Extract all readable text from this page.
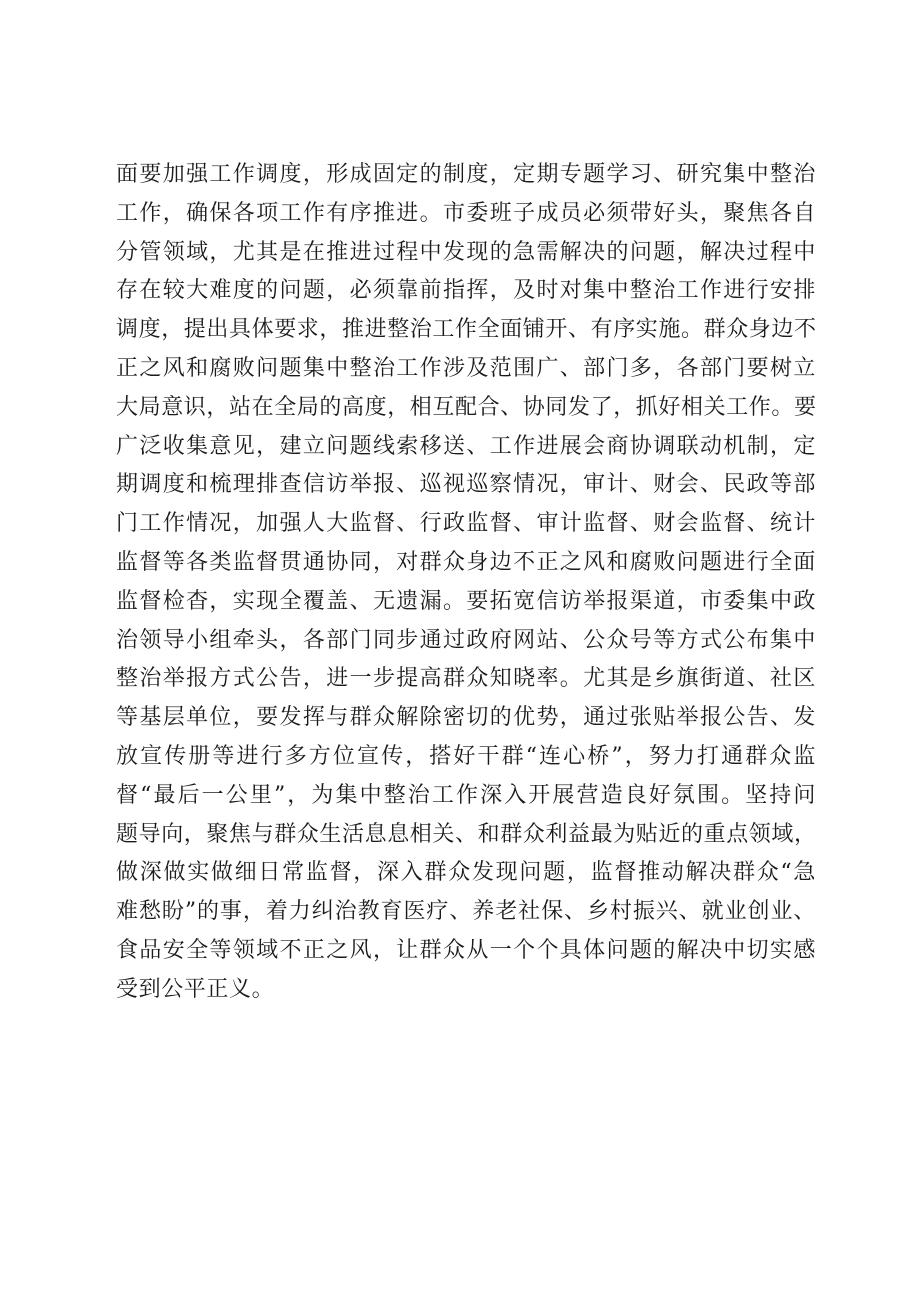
面要加强工作调度，形成固定的制度，定期专题学习、研究集中整治
工作，确保各项工作有序推进。市委班子成员必须带好头，聚焦各自
分管领域，尤其是在推进过程中发现的急需解决的问题，解决过程中
存在较大难度的问题，必须靠前指挥，及时对集中整治工作进行安排
调度，提出具体要求，推进整治工作全面铺开、有序实施。群众身边不
正之风和腐败问题集中整治工作涉及范围广、部门多，各部门要树立
大局意识，站在全局的高度，相互配合、协同发了，抓好相关工作。要
广泛收集意见，建立问题线索移送、工作进展会商协调联动机制，定
期调度和梳理排查信访举报、巡视巡察情况，审计、财会、民政等部
门工作情况，加强人大监督、行政监督、审计监督、财会监督、统计
监督等各类监督贯通协同，对群众身边不正之风和腐败问题进行全面
监督检杳，实现全覆盖、无遗漏。要拓宽信访举报渠道，市委集中政
治领导小组牵头，各部门同步通过政府网站、公众号等方式公布集中
整治举报方式公告，进一步提高群众知晓率。尤其是乡旗街道、社区
等基层单位，要发挥与群众解除密切的优势，通过张贴举报公告、发
放宣传册等进行多方位宣传，搭好干群“连心桥”，努力打通群众监
督“最后一公里”，为集中整治工作深入开展营造良好氛围。坚持问
题导向，聚焦与群众生活息息相关、和群众利益最为贴近的重点领域，
做深做实做细日常监督，深入群众发现问题，监督推动解决群众“急
难愁盼”的事，着力纠治教育医疗、养老社保、乡村振兴、就业创业、
食品安全等领域不正之风，让群众从一个个具体问题的解决中切实感
受到公平正义。
